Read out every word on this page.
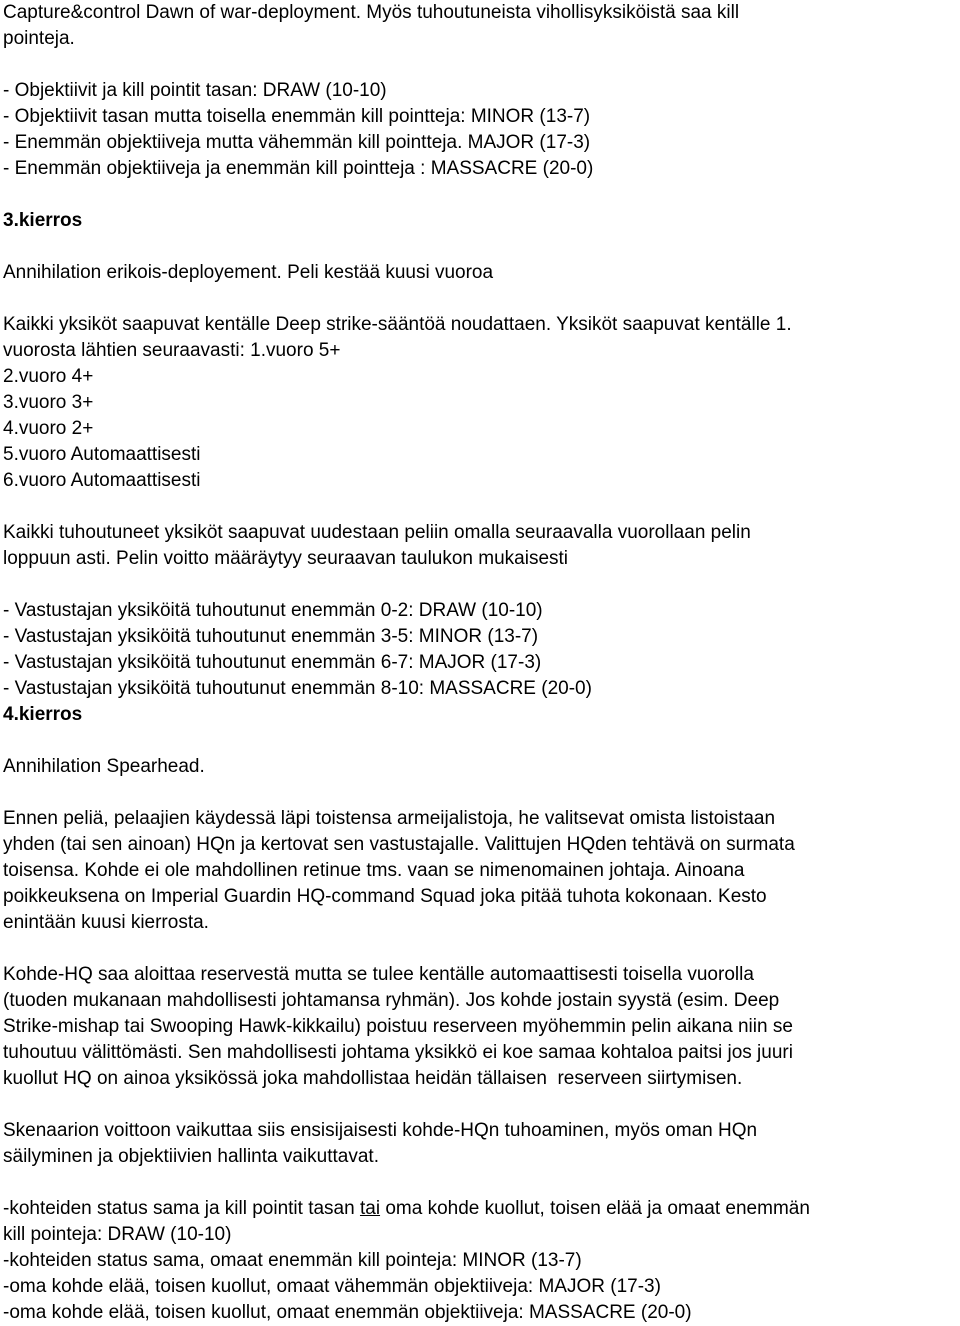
Capture&control Dawn of war-deployment. Myös tuhoutuneista vihollisyksiköistä saa kill
pointeja.
- Objektiivit ja kill pointit tasan: DRAW (10-10)
- Objektiivit tasan mutta toisella enemmän kill pointteja: MINOR (13-7)
- Enemmän objektiiveja mutta vähemmän kill pointteja. MAJOR (17-3)
- Enemmän objektiiveja ja enemmän kill pointteja : MASSACRE (20-0)
3.kierros
Annihilation erikois-deployement. Peli kestää kuusi vuoroa
Kaikki yksiköt saapuvat kentälle Deep strike-sääntöä noudattaen. Yksiköt saapuvat kentälle 1.
vuorosta lähtien seuraavasti: 1.vuoro 5+
2.vuoro 4+
3.vuoro 3+
4.vuoro 2+
5.vuoro Automaattisesti
6.vuoro Automaattisesti
Kaikki tuhoutuneet yksiköt saapuvat uudestaan peliin omalla seuraavalla vuorollaan pelin
loppuun asti. Pelin voitto määräytyy seuraavan taulukon mukaisesti
- Vastustajan yksiköitä tuhoutunut enemmän 0-2: DRAW (10-10)
- Vastustajan yksiköitä tuhoutunut enemmän 3-5: MINOR (13-7)
- Vastustajan yksiköitä tuhoutunut enemmän 6-7: MAJOR (17-3)
- Vastustajan yksiköitä tuhoutunut enemmän 8-10: MASSACRE (20-0)
4.kierros
Annihilation Spearhead.
Ennen peliä, pelaajien käydessä läpi toistensa armeijalistoja, he valitsevat omista listoistaan
yhden (tai sen ainoan) HQn ja kertovat sen vastustajalle. Valittujen HQden tehtävä on surmata
toisensa. Kohde ei ole mahdollinen retinue tms. vaan se nimenomainen johtaja. Ainoana
poikkeuksena on Imperial Guardin HQ-command Squad joka pitää tuhota kokonaan. Kesto
enintään kuusi kierrosta.
Kohde-HQ saa aloittaa reservestä mutta se tulee kentälle automaattisesti toisella vuorolla
(tuoden mukanaan mahdollisesti johtamansa ryhmän). Jos kohde jostain syystä (esim. Deep
Strike-mishap tai Swooping Hawk-kikkailu) poistuu reserveen myöhemmin pelin aikana niin se
tuhoutuu välittömästi. Sen mahdollisesti johtama yksikkö ei koe samaa kohtaloa paitsi jos juuri
kuollut HQ on ainoa yksikössä joka mahdollistaa heidän tällaisen  reserveen siirtymisen.
Skenaarion voittoon vaikuttaa siis ensisijaisesti kohde-HQn tuhoaminen, myös oman HQn
säilyminen ja objektiivien hallinta vaikuttavat.
-kohteiden status sama ja kill pointit tasan tai oma kohde kuollut, toisen elää ja omaat enemmän
kill pointeja: DRAW (10-10)
-kohteiden status sama, omaat enemmän kill pointeja: MINOR (13-7)
-oma kohde elää, toisen kuollut, omaat vähemmän objektiiveja: MAJOR (17-3)
-oma kohde elää, toisen kuollut, omaat enemmän objektiiveja: MASSACRE (20-0)
